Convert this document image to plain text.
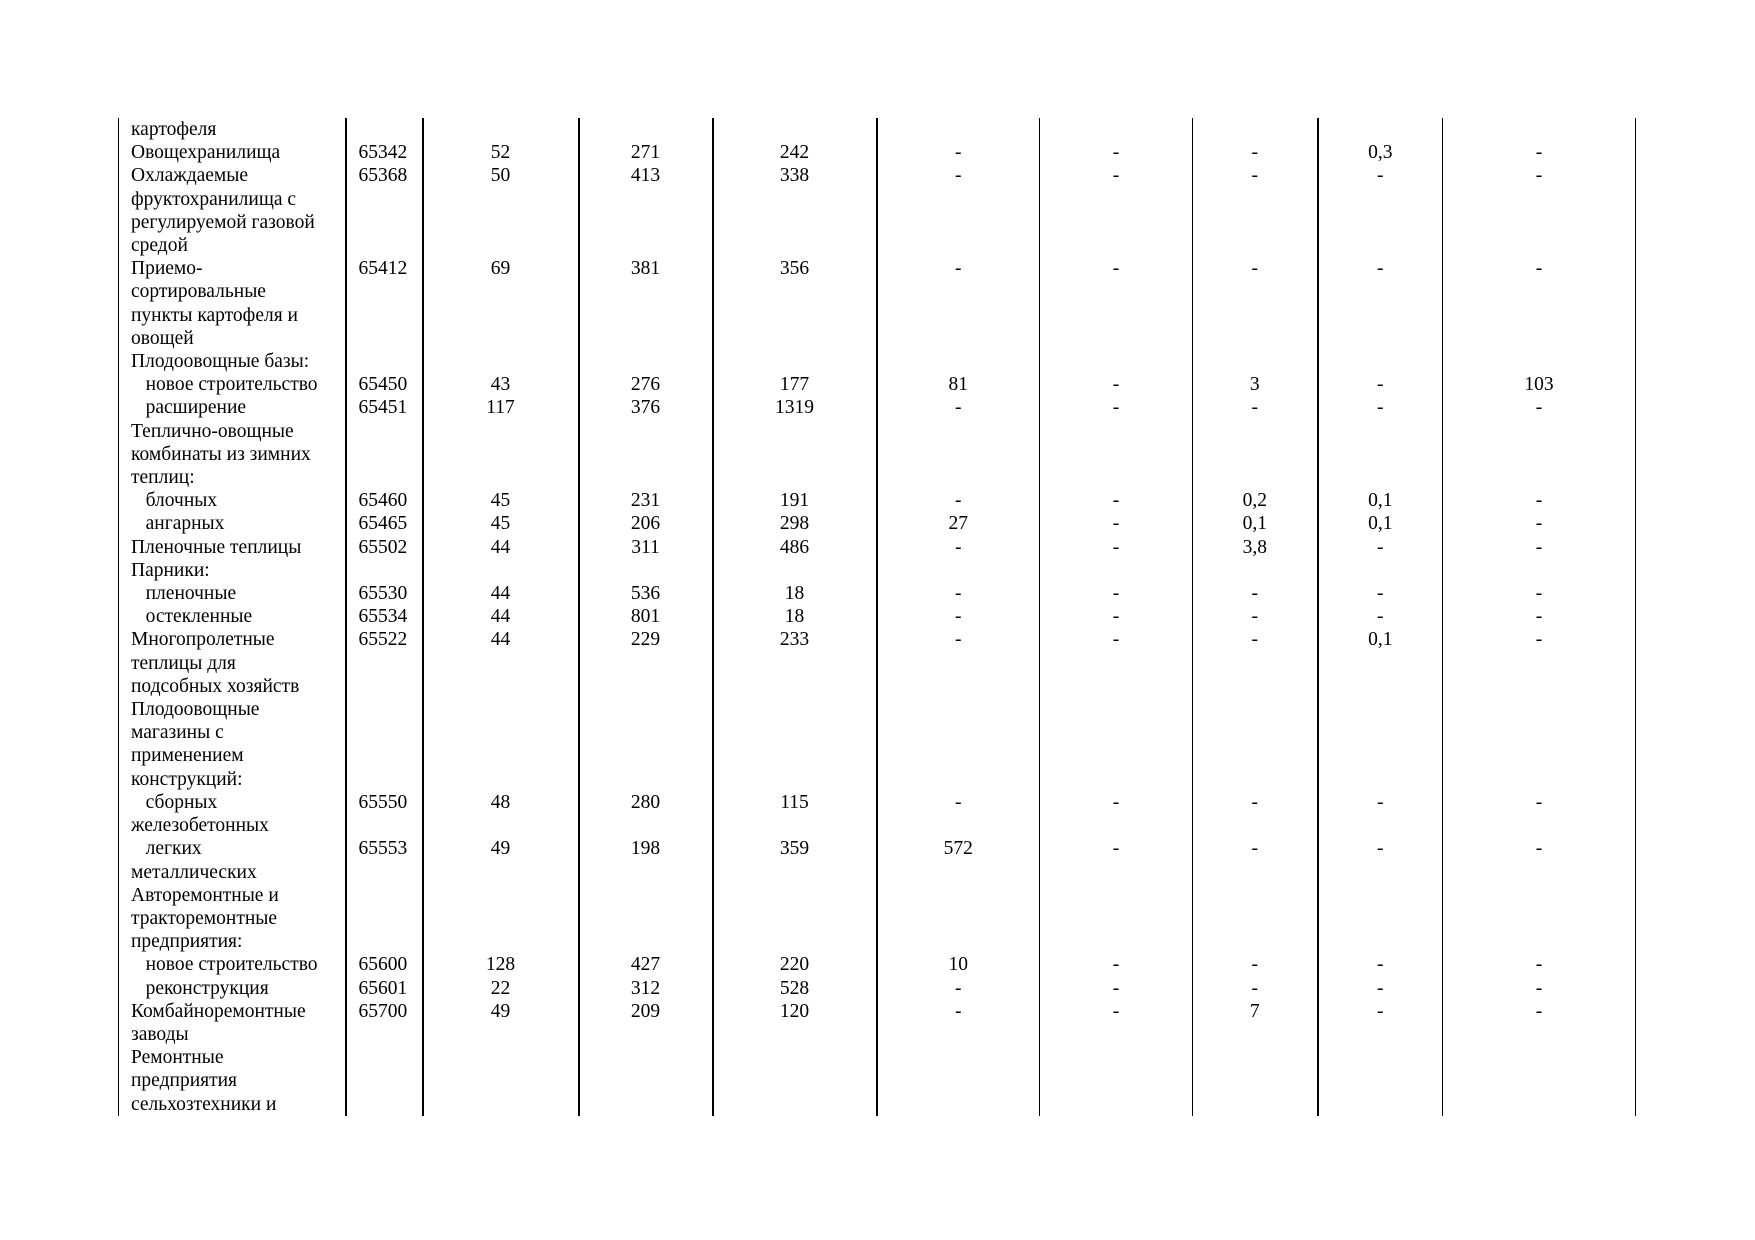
картофеля									
Овощехранилища	65342	52	271	242	-	-	-	0,3	-
Охлаждаемые	65368	50	413	338	-	-	-	-	-
фруктохранилища с									
регулируемой газовой									
средой									
Приемо-	65412	69	381	356	-	-	-	-	-
сортировальные									
пункты картофеля и									
овощей									
Плодоовощные базы:									
новое строительство	65450	43	276	177	81	-	3	-	103
расширение	65451	117	376	1319	-	-	-	-	-
Теплично-овощные									
комбинаты из зимних									
теплиц:									
блочных	65460	45	231	191	-	-	0,2	0,1	-
ангарных	65465	45	206	298	27	-	0,1	0,1	-
Пленочные теплицы	65502	44	311	486	-	-	3,8	-	-
Парники:									
пленочные	65530	44	536	18	-	-	-	-	-
остекленные	65534	44	801	18	-	-	-	-	-
Многопролетные	65522	44	229	233	-	-	-	0,1	-
теплицы для									
подсобных хозяйств									
Плодоовощные									
магазины с									
применением									
конструкций:									
сборных	65550	48	280	115	-	-	-	-	-
железобетонных									
легких	65553	49	198	359	572	-	-	-	-
металлических									
Авторемонтные и									
тракторемонтные									
предприятия:									
новое строительство	65600	128	427	220	10	-	-	-	-
реконструкция	65601	22	312	528	-	-	-	-	-
Комбайноремонтные	65700	49	209	120	-	-	7	-	-
заводы									
Ремонтные									
предприятия									
сельхозтехники и									
